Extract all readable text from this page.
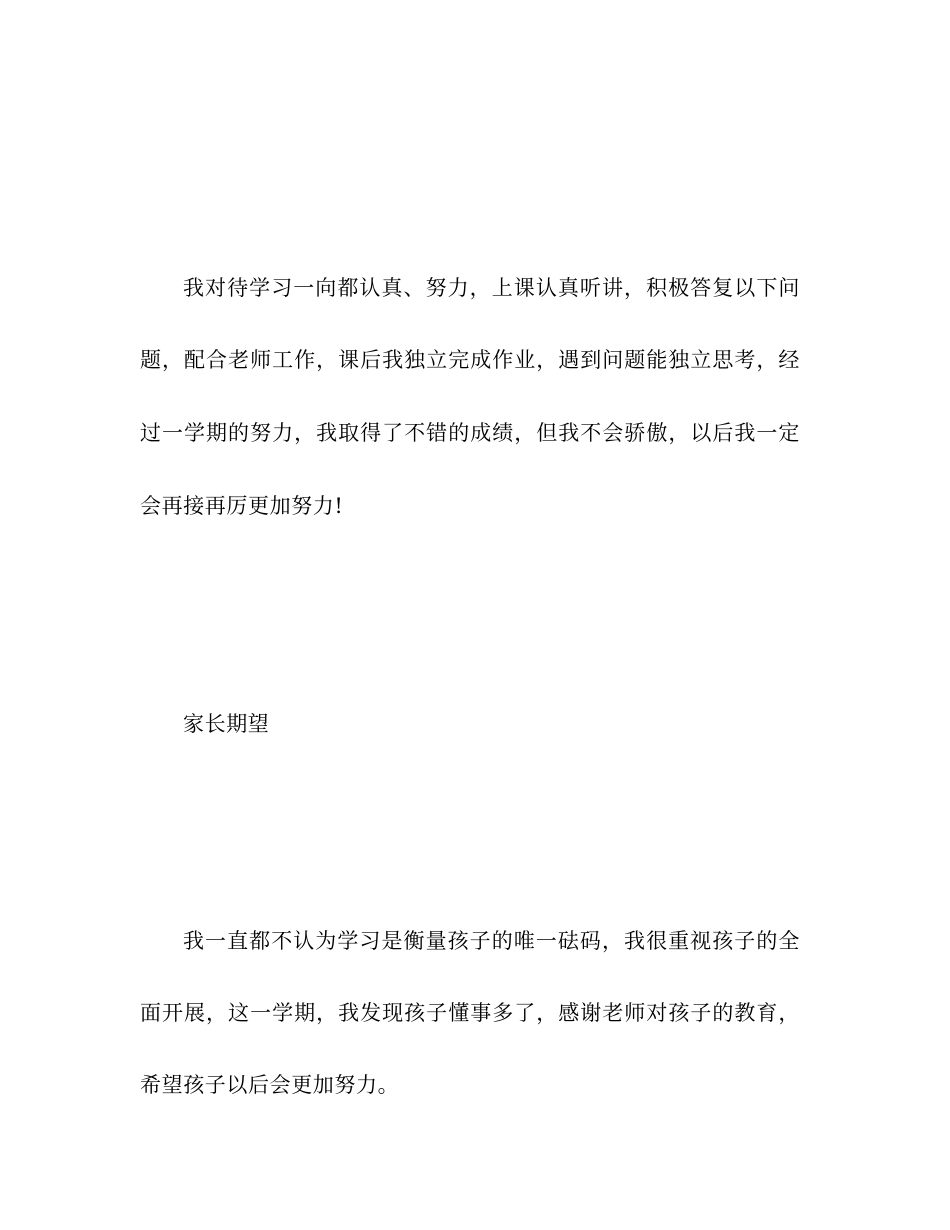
我对待学习一向都认真、努力，上课认真听讲，积极答复以下问
题，配合老师工作，课后我独立完成作业，遇到问题能独立思考，经
过一学期的努力，我取得了不错的成绩，但我不会骄傲，以后我一定
会再接再厉更加努力!
家长期望
我一直都不认为学习是衡量孩子的唯一砝码，我很重视孩子的全
面开展，这一学期，我发现孩子懂事多了，感谢老师对孩子的教育，
希望孩子以后会更加努力。
